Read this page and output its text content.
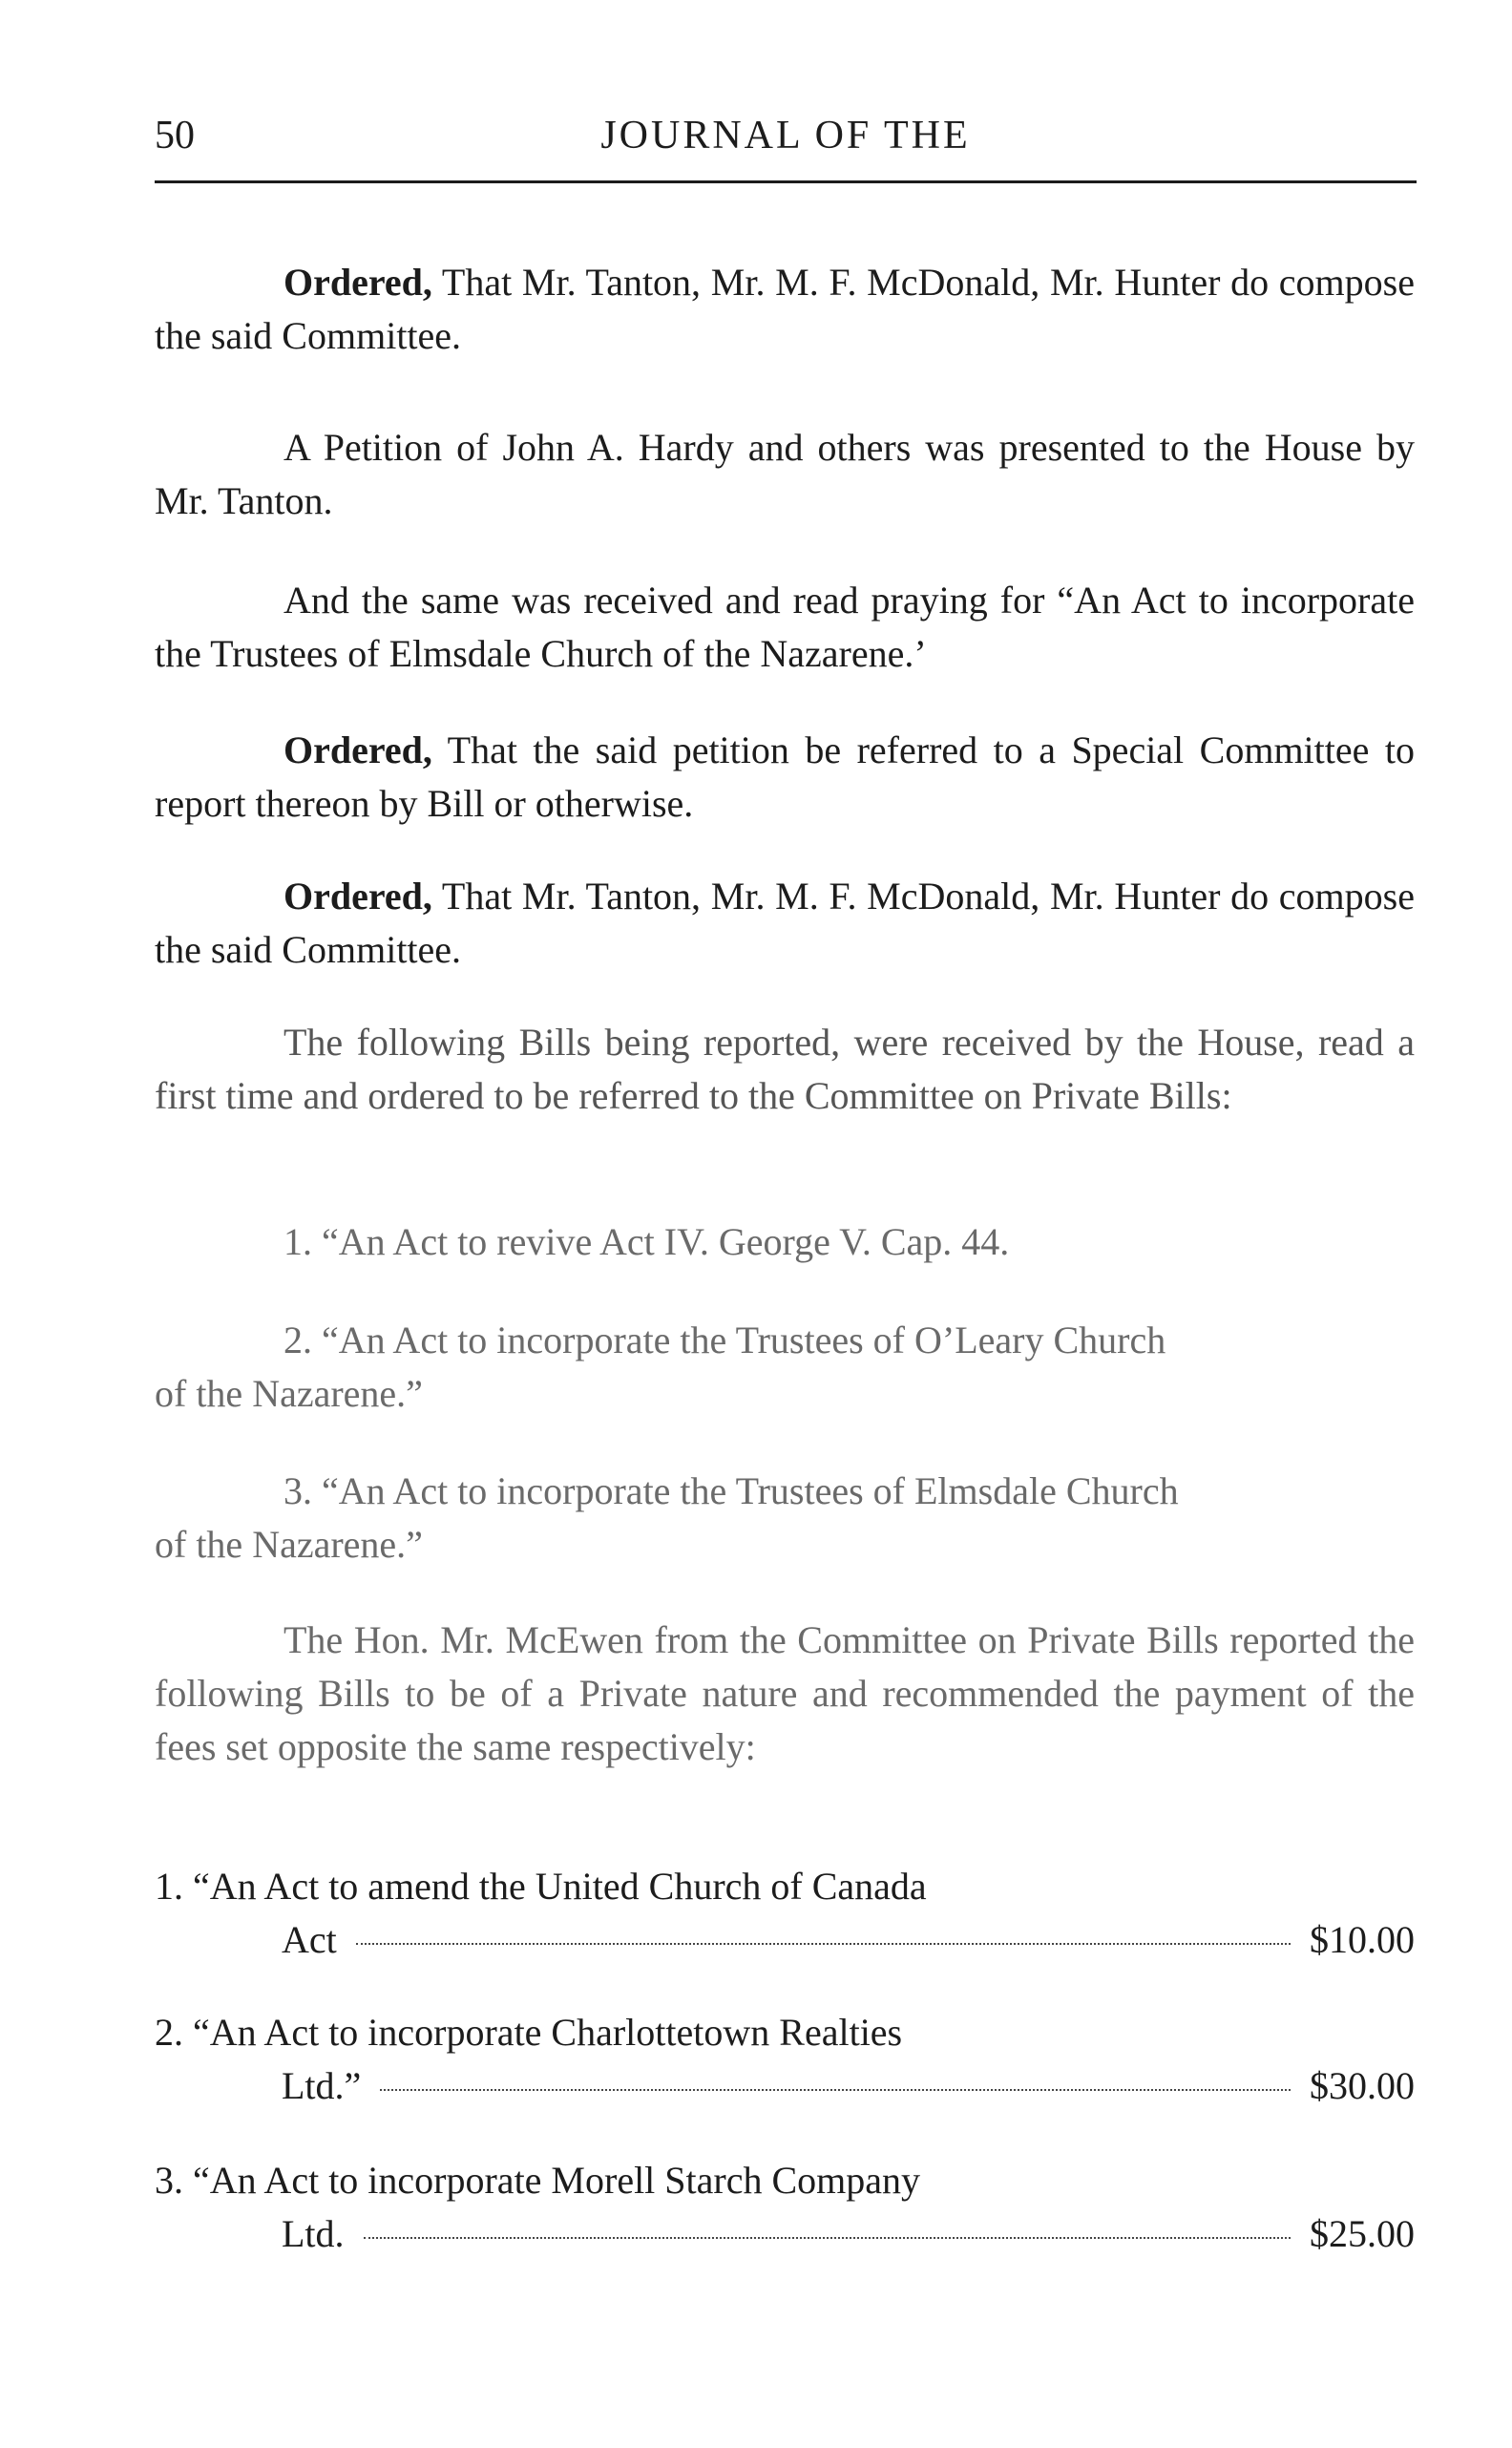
50	JOURNAL OF THE

Ordered, That Mr. Tanton, Mr. M. F. McDonald, Mr. Hunter do compose the said Committee.

A Petition of John A. Hardy and others was presented to the House by Mr. Tanton.

And the same was received and read praying for “An Act to incorporate the Trustees of Elmsdale Church of the Nazarene.’

Ordered, That the said petition be referred to a Special Committee to report thereon by Bill or otherwise.

Ordered, That Mr. Tanton, Mr. M. F. McDonald, Mr. Hunter do compose the said Committee.

The following Bills being reported, were received by the House, read a first time and ordered to be referred to the Committee on Private Bills:

1. “An Act to revive Act IV. George V. Cap. 44.
2. “An Act to incorporate the Trustees of O’Leary Church
of the Nazarene.”
3. “An Act to incorporate the Trustees of Elmsdale Church
of the Nazarene.”

The Hon. Mr. McEwen from the Committee on Private Bills reported the following Bills to be of a Private nature and recommended the payment of the fees set opposite the same respectively:

1. “An Act to amend the United Church of Canada
Act	$10.00
2. “An Act to incorporate Charlottetown Realties
Ltd.”	$30.00
3. “An Act to incorporate Morell Starch Company
Ltd.	$25.00
